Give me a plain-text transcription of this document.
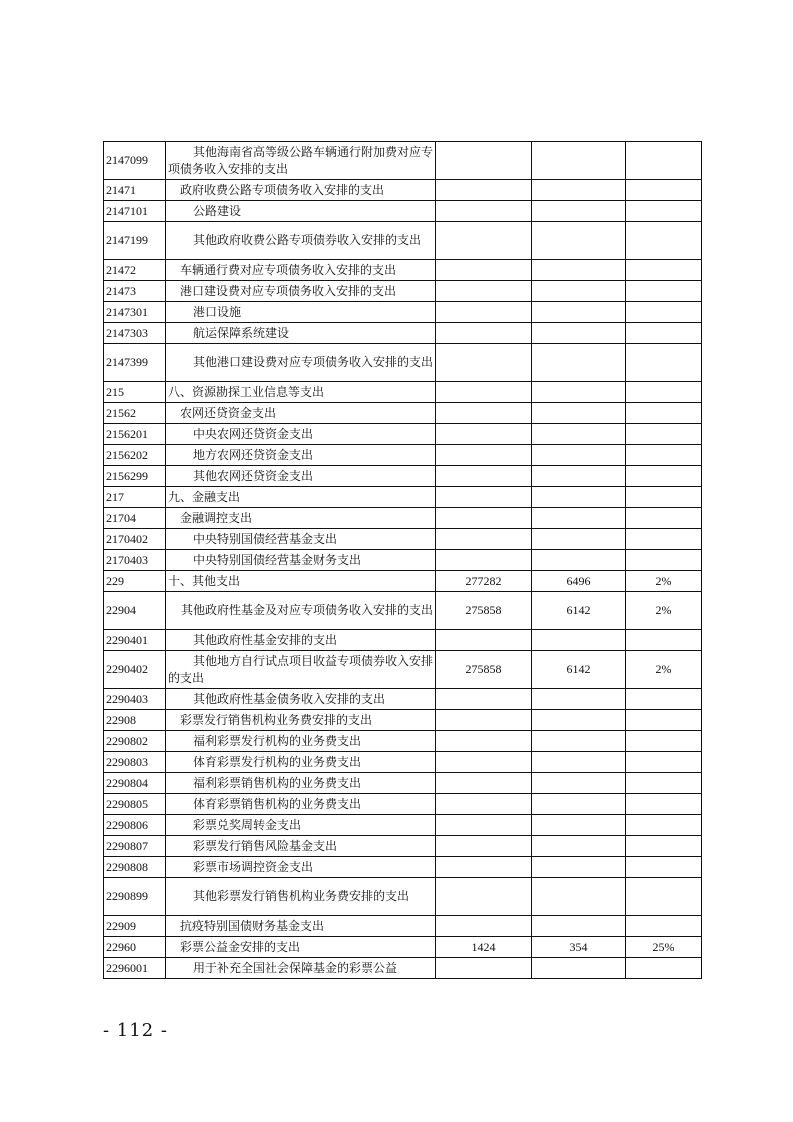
2147099	其他海南省高等级公路车辆通行附加费对应专项债务收入安排的支出			
21471	政府收费公路专项债务收入安排的支出			
2147101	公路建设			
2147199	其他政府收费公路专项债券收入安排的支出			
21472	车辆通行费对应专项债务收入安排的支出			
21473	港口建设费对应专项债务收入安排的支出			
2147301	港口设施			
2147303	航运保障系统建设			
2147399	其他港口建设费对应专项债务收入安排的支出			
215	八、资源勘探工业信息等支出			
21562	农网还贷资金支出			
2156201	中央农网还贷资金支出			
2156202	地方农网还贷资金支出			
2156299	其他农网还贷资金支出			
217	九、金融支出			
21704	金融调控支出			
2170402	中央特别国债经营基金支出			
2170403	中央特别国债经营基金财务支出			
229	十、其他支出	277282	6496	2%
22904	其他政府性基金及对应专项债务收入安排的支出	275858	6142	2%
2290401	其他政府性基金安排的支出			
2290402	其他地方自行试点项目收益专项债券收入安排的支出	275858	6142	2%
2290403	其他政府性基金债务收入安排的支出			
22908	彩票发行销售机构业务费安排的支出			
2290802	福利彩票发行机构的业务费支出			
2290803	体育彩票发行机构的业务费支出			
2290804	福利彩票销售机构的业务费支出			
2290805	体育彩票销售机构的业务费支出			
2290806	彩票兑奖周转金支出			
2290807	彩票发行销售风险基金支出			
2290808	彩票市场调控资金支出			
2290899	其他彩票发行销售机构业务费安排的支出			
22909	抗疫特别国债财务基金支出			
22960	彩票公益金安排的支出	1424	354	25%
2296001	用于补充全国社会保障基金的彩票公益			
- 112 -
